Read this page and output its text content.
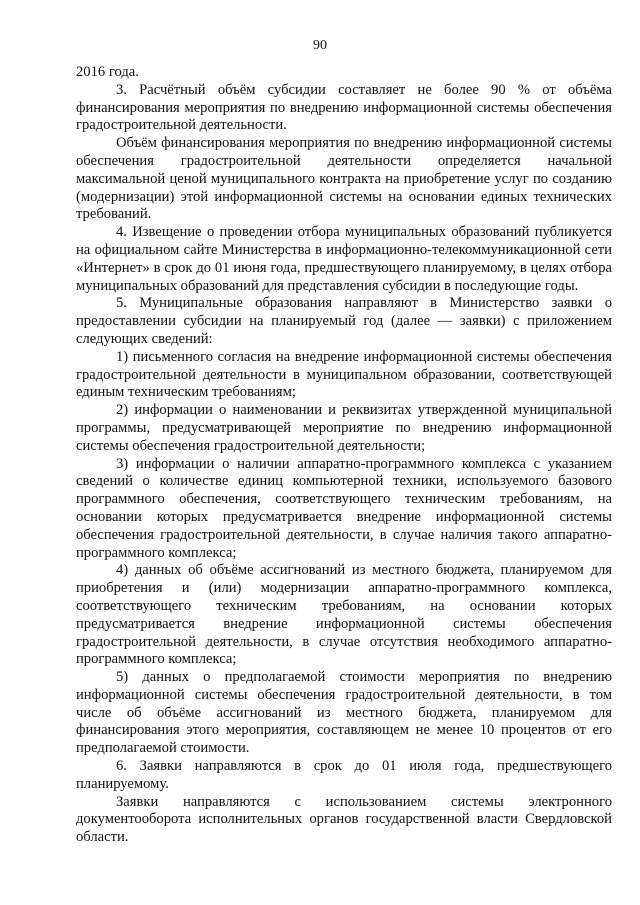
90

2016 года.

3. Расчётный объём субсидии составляет не более 90 % от объёма финансирования мероприятия по внедрению информационной системы обеспечения градостроительной деятельности.

Объём финансирования мероприятия по внедрению информационной системы обеспечения градостроительной деятельности определяется начальной максимальной ценой муниципального контракта на приобретение услуг по созданию (модернизации) этой информационной системы на основании единых технических требований.

4. Извещение о проведении отбора муниципальных образований публикуется на официальном сайте Министерства в информационно-телекоммуникационной сети «Интернет» в срок до 01 июня года, предшествующего планируемому, в целях отбора муниципальных образований для представления субсидии в последующие годы.

5. Муниципальные образования направляют в Министерство заявки о предоставлении субсидии на планируемый год (далее — заявки) с приложением следующих сведений:

1) письменного согласия на внедрение информационной системы обеспечения градостроительной деятельности в муниципальном образовании, соответствующей единым техническим требованиям;

2) информации о наименовании и реквизитах утвержденной муниципальной программы, предусматривающей мероприятие по внедрению информационной системы обеспечения градостроительной деятельности;

3) информации о наличии аппаратно-программного комплекса с указанием сведений о количестве единиц компьютерной техники, используемого базового программного обеспечения, соответствующего техническим требованиям, на основании которых предусматривается внедрение информационной системы обеспечения градостроительной деятельности, в случае наличия такого аппаратно-программного комплекса;

4) данных об объёме ассигнований из местного бюджета, планируемом для приобретения и (или) модернизации аппаратно-программного комплекса, соответствующего техническим требованиям, на основании которых предусматривается внедрение информационной системы обеспечения градостроительной деятельности, в случае отсутствия необходимого аппаратно-программного комплекса;

5) данных о предполагаемой стоимости мероприятия по внедрению информационной системы обеспечения градостроительной деятельности, в том числе об объёме ассигнований из местного бюджета, планируемом для финансирования этого мероприятия, составляющем не менее 10 процентов от его предполагаемой стоимости.

6. Заявки направляются в срок до 01 июля года, предшествующего планируемому.

Заявки направляются с использованием системы электронного документооборота исполнительных органов государственной власти Свердловской области.
